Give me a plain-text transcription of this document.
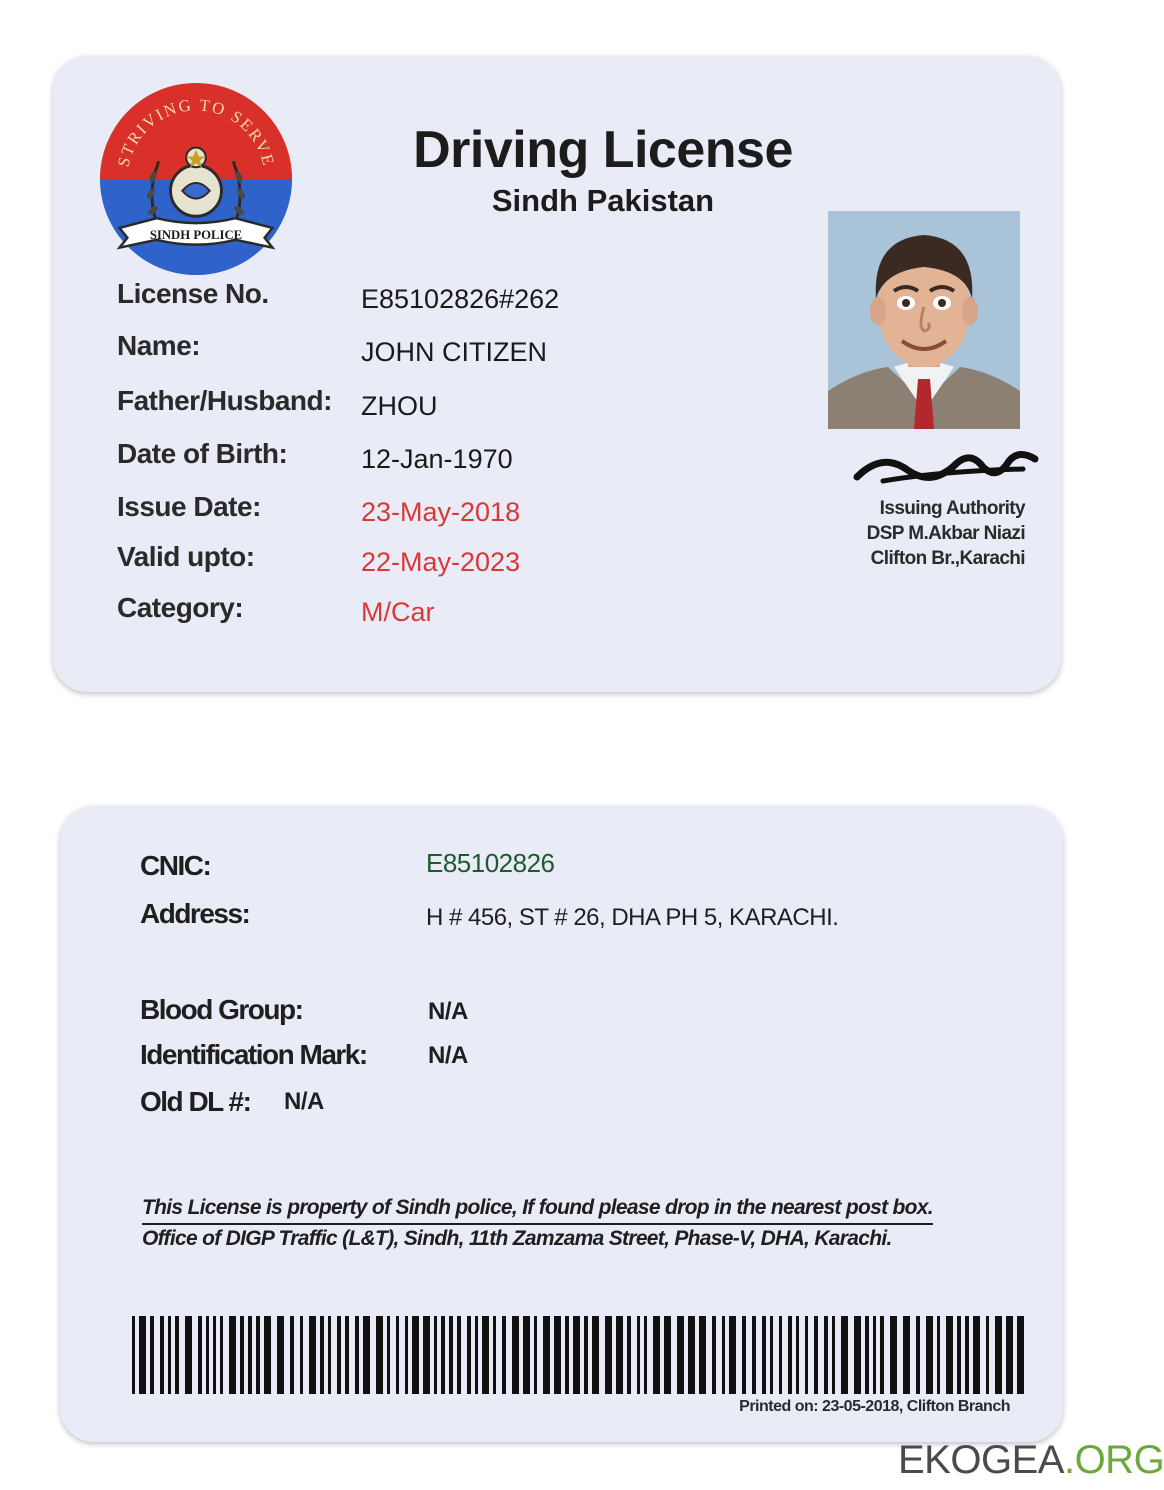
STRIVING TO SERVE
SINDH POLICE
Driving License
Sindh Pakistan
License No.	E85102826#262
Name:	JOHN CITIZEN
Father/Husband: ZHOU
Date of Birth:	12-Jan-1970
Issue Date:	23-May-2018
Valid upto:	22-May-2023
Category:	M/Car
Issuing Authority
DSP M.Akbar Niazi
Clifton Br.,Karachi
CNIC:	E85102826
Address:	H # 456, ST # 26, DHA PH 5, KARACHI.
Blood Group:	N/A
Identification Mark:	N/A
Old DL #: N/A
This License is property of Sindh police, If found please drop in the nearest post box.
Office of DIGP Traffic (L&T), Sindh, 11th Zamzama Street, Phase-V, DHA, Karachi.
Printed on: 23-05-2018, Clifton Branch
EKOGEA.ORG
